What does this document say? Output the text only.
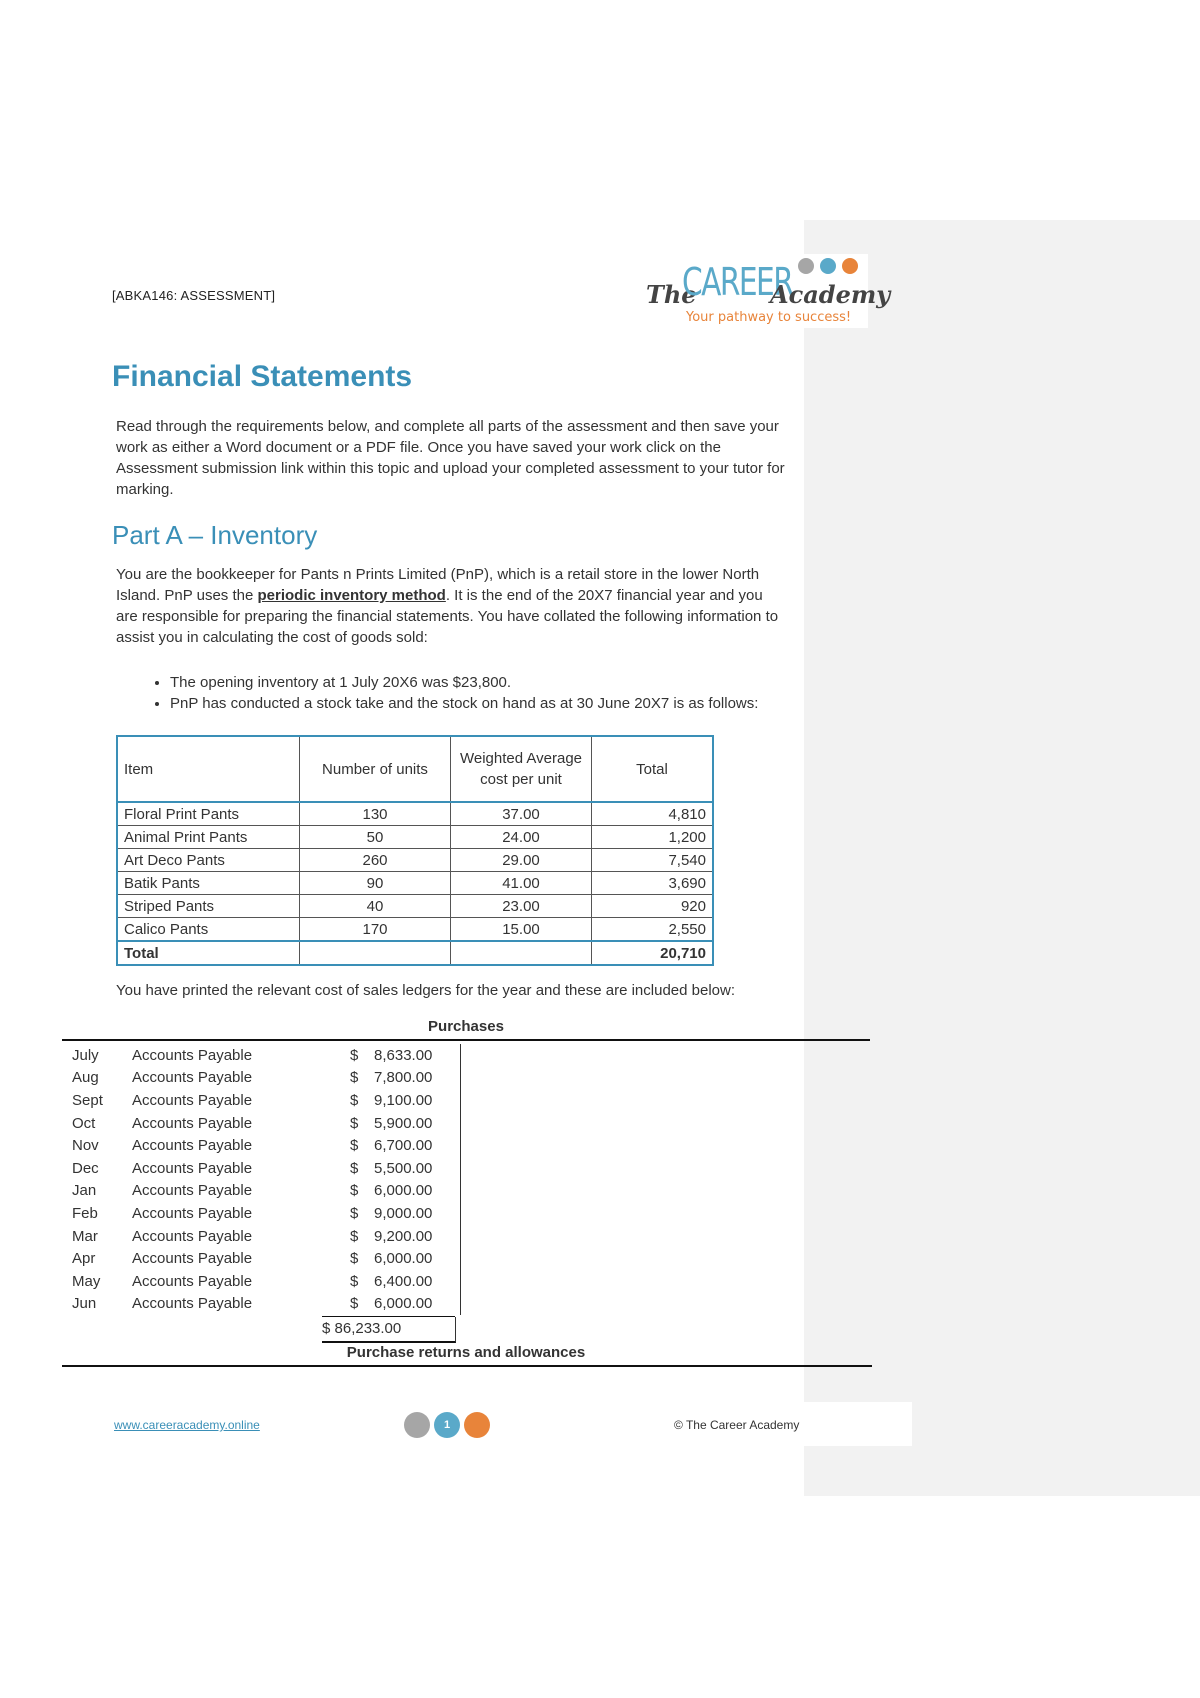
[ABKA146: ASSESSMENT]	The
CAREER
Academy
Your pathway to success!
Financial Statements

Read through the requirements below, and complete all parts of the assessment and then save your work as either a Word document or a PDF file. Once you have saved your work click on the Assessment submission link within this topic and upload your completed assessment to your tutor for marking.

Part A – Inventory

You are the bookkeeper for Pants n Prints Limited (PnP), which is a retail store in the lower North Island. PnP uses the periodic inventory method. It is the end of the 20X7 financial year and you are responsible for preparing the financial statements. You have collated the following information to assist you in calculating the cost of goods sold:

• The opening inventory at 1 July 20X6 was $23,800.
• PnP has conducted a stock take and the stock on hand as at 30 June 20X7 is as follows:
Item	Number of units	Weighted Average cost per unit	Total
Floral Print Pants	130	37.00	4,810
Animal Print Pants	50	24.00	1,200
Art Deco Pants	260	29.00	7,540
Batik Pants	90	41.00	3,690
Striped Pants	40	23.00	920
Calico Pants	170	15.00	2,550
Total			20,710

You have printed the relevant cost of sales ledgers for the year and these are included below:

Purchases
July	Accounts Payable	$	8,633.00
Aug	Accounts Payable	$	7,800.00
Sept	Accounts Payable	$	9,100.00
Oct	Accounts Payable	$	5,900.00
Nov	Accounts Payable	$	6,700.00
Dec	Accounts Payable	$	5,500.00
Jan	Accounts Payable	$	6,000.00
Feb	Accounts Payable	$	9,000.00
Mar	Accounts Payable	$	9,200.00
Apr	Accounts Payable	$	6,000.00
May	Accounts Payable	$	6,400.00
Jun	Accounts Payable	$	6,000.00
$ 86,233.00
Purchase returns and allowances
www.careeracademy.online	1	© The Career Academy
